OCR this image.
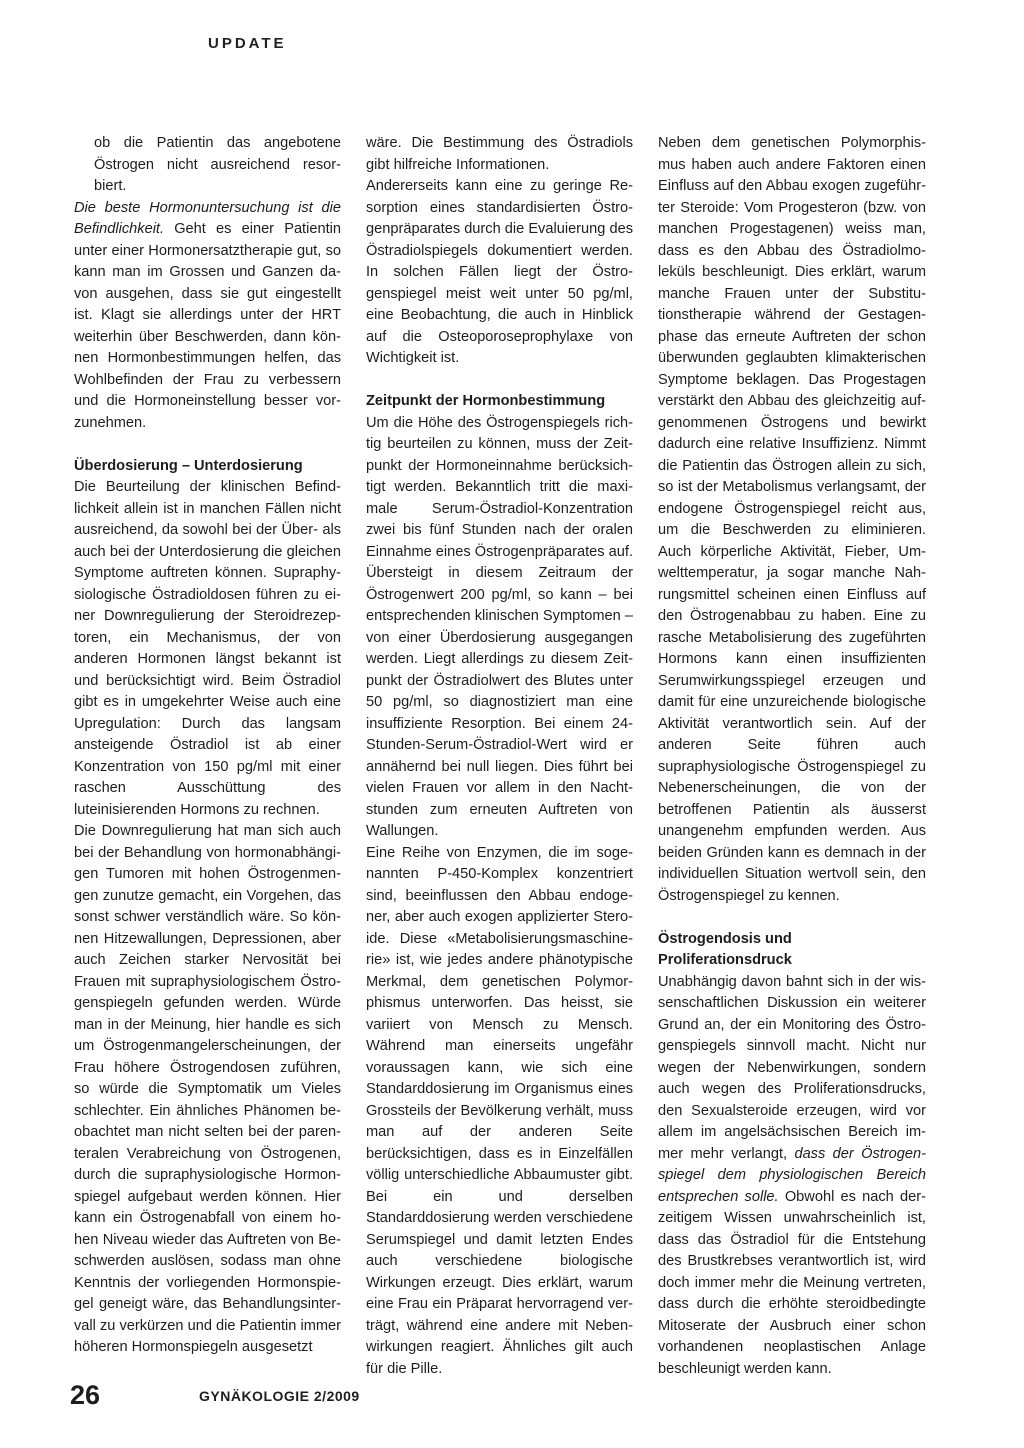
UPDATE

ob die Patientin das angebotene Östrogen nicht ausreichend resorbiert.

Die beste Hormonuntersuchung ist die Befindlichkeit. Geht es einer Patientin unter einer Hormonersatztherapie gut, so kann man im Grossen und Ganzen davon ausgehen, dass sie gut eingestellt ist. Klagt sie allerdings unter der HRT weiterhin über Beschwerden, dann können Hormonbestimmungen helfen, das Wohlbefinden der Frau zu verbessern und die Hormoneinstellung besser vorzunehmen.

Überdosierung – Unterdosierung

Die Beurteilung der klinischen Befindlichkeit allein ist in manchen Fällen nicht ausreichend, da sowohl bei der Über- als auch bei der Unterdosierung die gleichen Symptome auftreten können. Supraphysiologische Östradioldosen führen zu einer Downregulierung der Steroidrezeptoren, ein Mechanismus, der von anderen Hormonen längst bekannt ist und berücksichtigt wird. Beim Östradiol gibt es in umgekehrter Weise auch eine Upregulation: Durch das langsam ansteigende Östradiol ist ab einer Konzentration von 150 pg/ml mit einer raschen Ausschüttung des luteinisierenden Hormons zu rechnen.

Die Downregulierung hat man sich auch bei der Behandlung von hormonabhängigen Tumoren mit hohen Östrogenmengen zunutze gemacht, ein Vorgehen, das sonst schwer verständlich wäre. So können Hitzewallungen, Depressionen, aber auch Zeichen starker Nervosität bei Frauen mit supraphysiologischem Östrogenspiegeln gefunden werden. Würde man in der Meinung, hier handle es sich um Östrogenmangelerscheinungen, der Frau höhere Östrogendosen zuführen, so würde die Symptomatik um Vieles schlechter. Ein ähnliches Phänomen beobachtet man nicht selten bei der parenteralen Verabreichung von Östrogenen, durch die supraphysiologische Hormonspiegel aufgebaut werden können. Hier kann ein Östrogenabfall von einem hohen Niveau wieder das Auftreten von Beschwerden auslösen, sodass man ohne Kenntnis der vorliegenden Hormonspiegel geneigt wäre, das Behandlungsintervall zu verkürzen und die Patientin immer höheren Hormonspiegeln ausgesetzt

wäre. Die Bestimmung des Östradiols gibt hilfreiche Informationen.

Andererseits kann eine zu geringe Resorption eines standardisierten Östrogenpräparates durch die Evaluierung des Östradiolspiegels dokumentiert werden. In solchen Fällen liegt der Östrogenspiegel meist weit unter 50 pg/ml, eine Beobachtung, die auch in Hinblick auf die Osteoporoseprophylaxe von Wichtigkeit ist.

Zeitpunkt der Hormonbestimmung

Um die Höhe des Östrogenspiegels richtig beurteilen zu können, muss der Zeitpunkt der Hormoneinnahme berücksichtigt werden. Bekanntlich tritt die maximale Serum-Östradiol-Konzentration zwei bis fünf Stunden nach der oralen Einnahme eines Östrogenpräparates auf. Übersteigt in diesem Zeitraum der Östrogenwert 200 pg/ml, so kann – bei entsprechenden klinischen Symptomen – von einer Überdosierung ausgegangen werden. Liegt allerdings zu diesem Zeitpunkt der Östradiolwert des Blutes unter 50 pg/ml, so diagnostiziert man eine insuffiziente Resorption. Bei einem 24-Stunden-Serum-Östradiol-Wert wird er annähernd bei null liegen. Dies führt bei vielen Frauen vor allem in den Nachtstunden zum erneuten Auftreten von Wallungen.

Eine Reihe von Enzymen, die im sogenannten P-450-Komplex konzentriert sind, beeinflussen den Abbau endogener, aber auch exogen applizierter Steroide. Diese «Metabolisierungsmaschinerie» ist, wie jedes andere phänotypische Merkmal, dem genetischen Polymorphismus unterworfen. Das heisst, sie variiert von Mensch zu Mensch. Während man einerseits ungefähr voraussagen kann, wie sich eine Standarddosierung im Organismus eines Grossteils der Bevölkerung verhält, muss man auf der anderen Seite berücksichtigen, dass es in Einzelfällen völlig unterschiedliche Abbaumuster gibt. Bei ein und derselben Standarddosierung werden verschiedene Serumspiegel und damit letzten Endes auch verschiedene biologische Wirkungen erzeugt. Dies erklärt, warum eine Frau ein Präparat hervorragend verträgt, während eine andere mit Nebenwirkungen reagiert. Ähnliches gilt auch für die Pille.

Neben dem genetischen Polymorphismus haben auch andere Faktoren einen Einfluss auf den Abbau exogen zugeführter Steroide: Vom Progesteron (bzw. von manchen Progestagenen) weiss man, dass es den Abbau des Östradiolmoleküls beschleunigt. Dies erklärt, warum manche Frauen unter der Substitutionstherapie während der Gestagenphase das erneute Auftreten der schon überwunden geglaubten klimakterischen Symptome beklagen. Das Progestagen verstärkt den Abbau des gleichzeitig aufgenommenen Östrogens und bewirkt dadurch eine relative Insuffizienz. Nimmt die Patientin das Östrogen allein zu sich, so ist der Metabolismus verlangsamt, der endogene Östrogenspiegel reicht aus, um die Beschwerden zu eliminieren. Auch körperliche Aktivität, Fieber, Umwelttemperatur, ja sogar manche Nahrungsmittel scheinen einen Einfluss auf den Östrogenabbau zu haben. Eine zu rasche Metabolisierung des zugeführten Hormons kann einen insuffizienten Serumwirkungsspiegel erzeugen und damit für eine unzureichende biologische Aktivität verantwortlich sein. Auf der anderen Seite führen auch supraphysiologische Östrogenspiegel zu Nebenerscheinungen, die von der betroffenen Patientin als äusserst unangenehm empfunden werden. Aus beiden Gründen kann es demnach in der individuellen Situation wertvoll sein, den Östrogenspiegel zu kennen.

Östrogendosis und
Proliferationsdruck

Unabhängig davon bahnt sich in der wissenschaftlichen Diskussion ein weiterer Grund an, der ein Monitoring des Östrogenspiegels sinnvoll macht. Nicht nur wegen der Nebenwirkungen, sondern auch wegen des Proliferationsdrucks, den Sexualsteroide erzeugen, wird vor allem im angelsächsischen Bereich immer mehr verlangt, dass der Östrogenspiegel dem physiologischen Bereich entsprechen solle. Obwohl es nach derzeitigem Wissen unwahrscheinlich ist, dass das Östradiol für die Entstehung des Brustkrebses verantwortlich ist, wird doch immer mehr die Meinung vertreten, dass durch die erhöhte steroidbedingte Mitoserate der Ausbruch einer schon vorhandenen neoplastischen Anlage beschleunigt werden kann.

26	GYNÄKOLOGIE 2/2009
